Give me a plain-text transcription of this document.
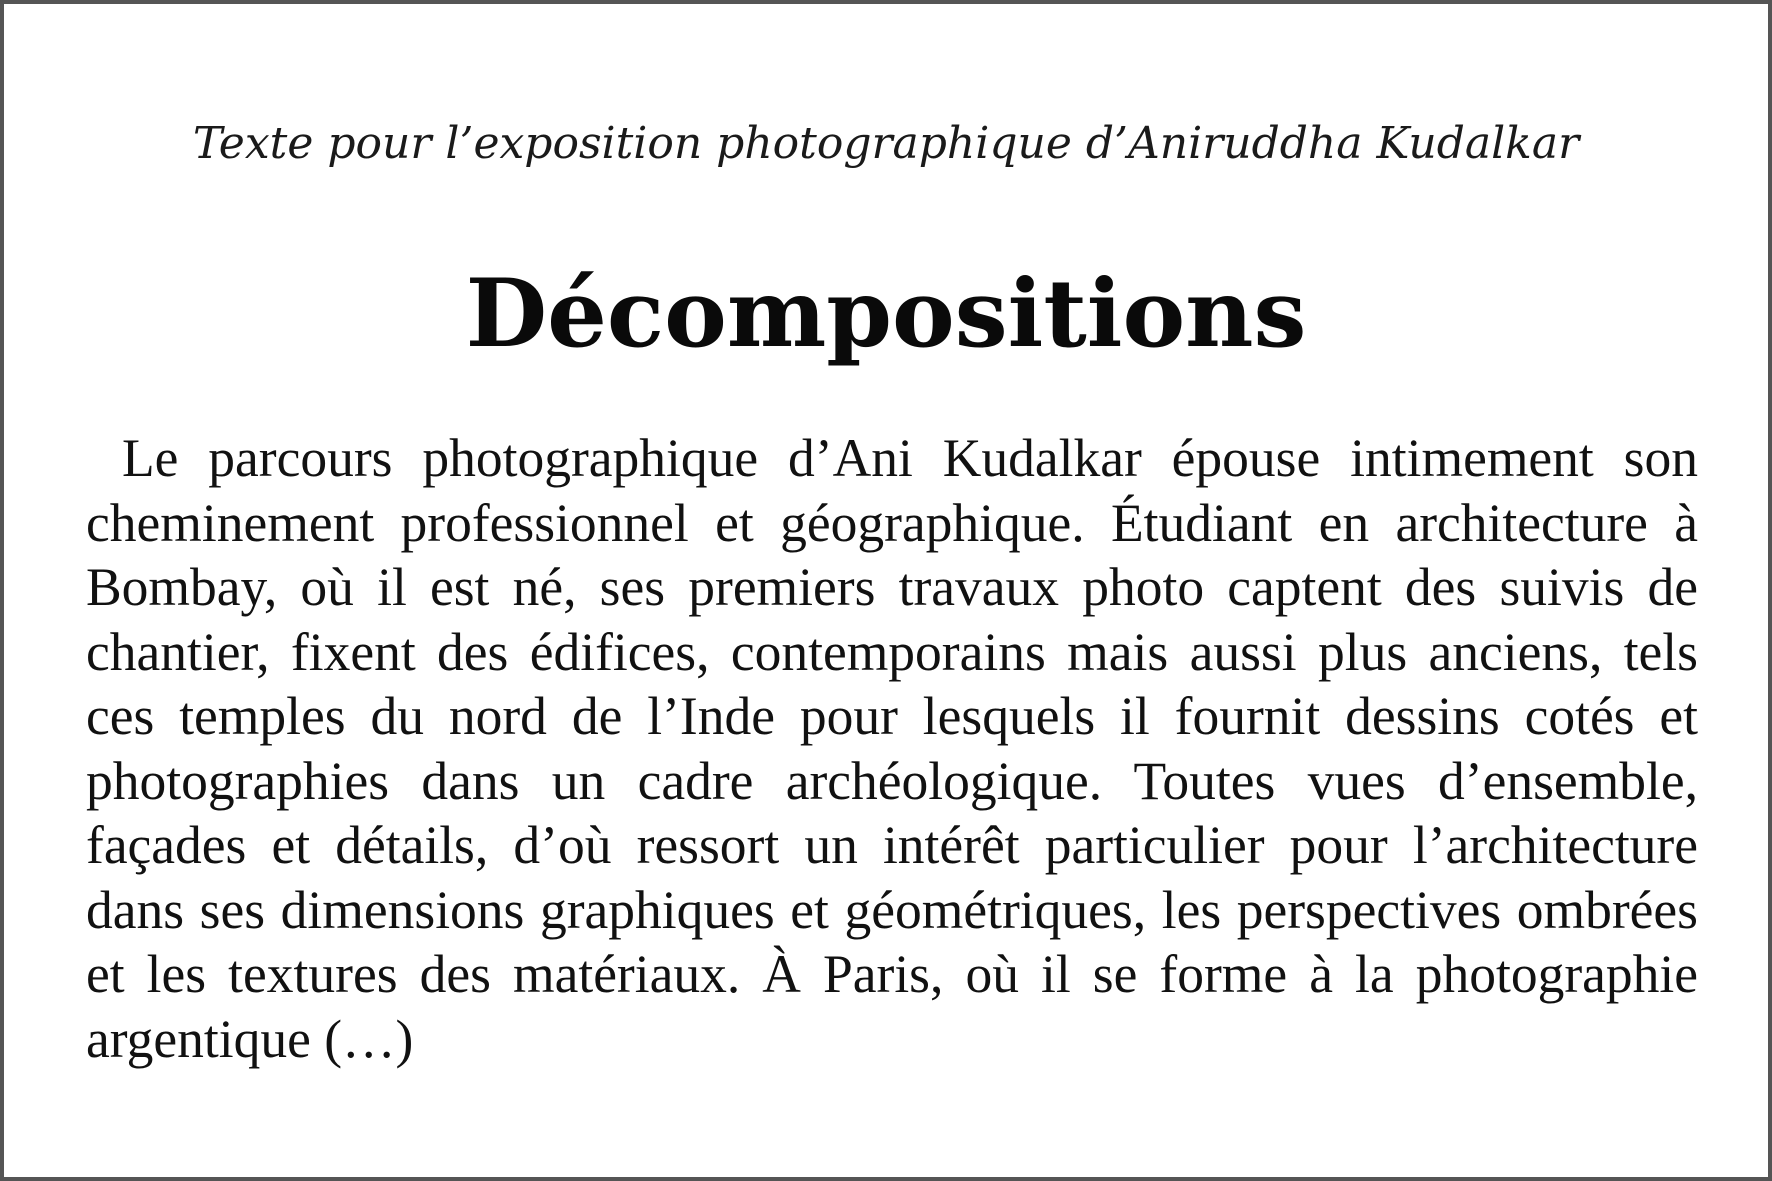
Texte pour l’exposition photographique d’Aniruddha Kudalkar

Décompositions

Le parcours photographique d’Ani Kudalkar épouse intimement son cheminement professionnel et géographique. Étudiant en architecture à Bombay, où il est né, ses premiers travaux photo captent des suivis de chantier, fixent des édifices, contemporains mais aussi plus anciens, tels ces temples du nord de l’Inde pour lesquels il fournit dessins cotés et photographies dans un cadre archéologique. Toutes vues d’ensemble, façades et détails, d’où ressort un intérêt particulier pour l’architecture dans ses dimensions graphiques et géométriques, les perspectives ombrées et les textures des matériaux. À Paris, où il se forme à la photographie argentique (…)
